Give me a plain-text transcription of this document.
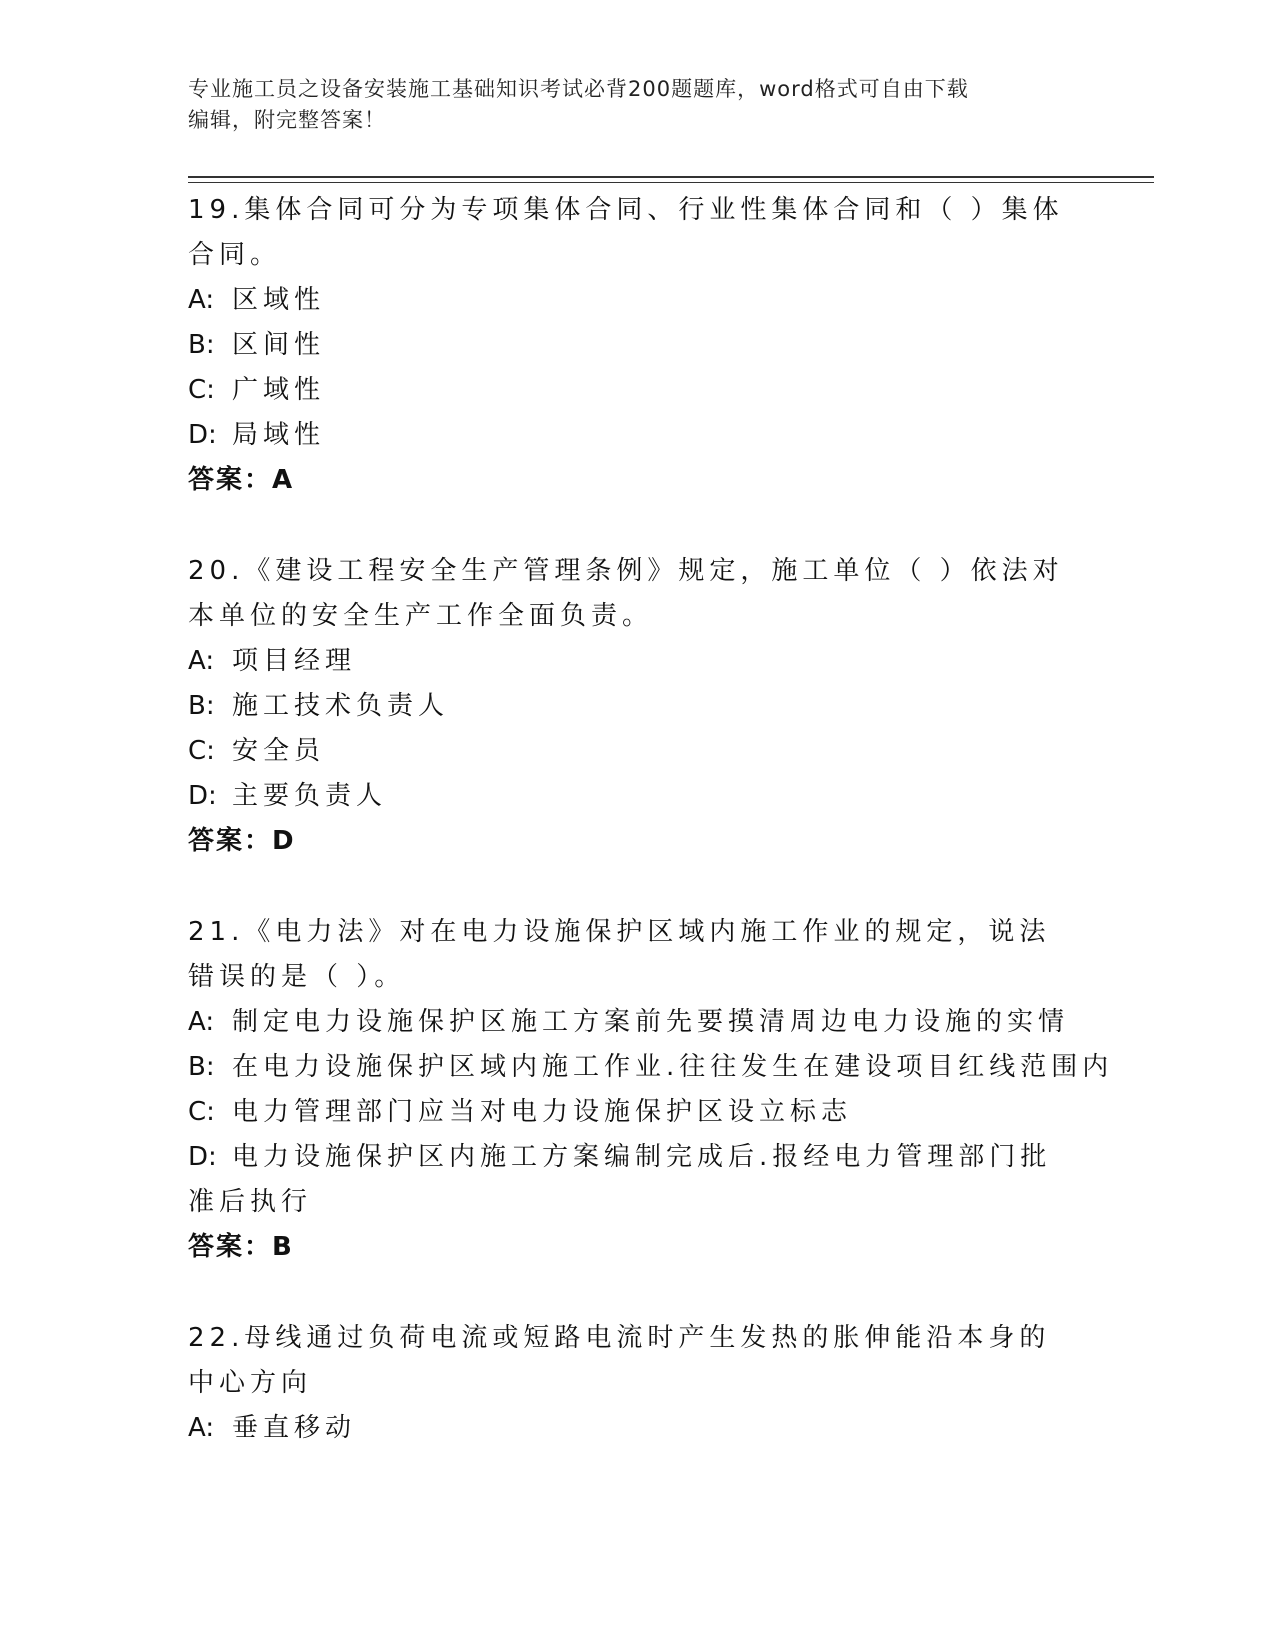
专业施工员之设备安装施工基础知识考试必背200题题库，word格式可自由下载
编辑，附完整答案！
19.集体合同可分为专项集体合同、行业性集体合同和（ ）集体合同。
A: 区域性
B: 区间性
C: 广域性
D: 局域性
答案：A
20.《建设工程安全生产管理条例》规定，施工单位（ ）依法对本单位的安全生产工作全面负责。
A: 项目经理
B: 施工技术负责人
C: 安全员
D: 主要负责人
答案：D
21.《电力法》对在电力设施保护区域内施工作业的规定，说法错误的是（ ）。
A: 制定电力设施保护区施工方案前先要摸清周边电力设施的实情
B: 在电力设施保护区域内施工作业.往往发生在建设项目红线范围内
C: 电力管理部门应当对电力设施保护区设立标志
D: 电力设施保护区内施工方案编制完成后.报经电力管理部门批准后执行
答案：B
22.母线通过负荷电流或短路电流时产生发热的胀伸能沿本身的中心方向
A: 垂直移动
